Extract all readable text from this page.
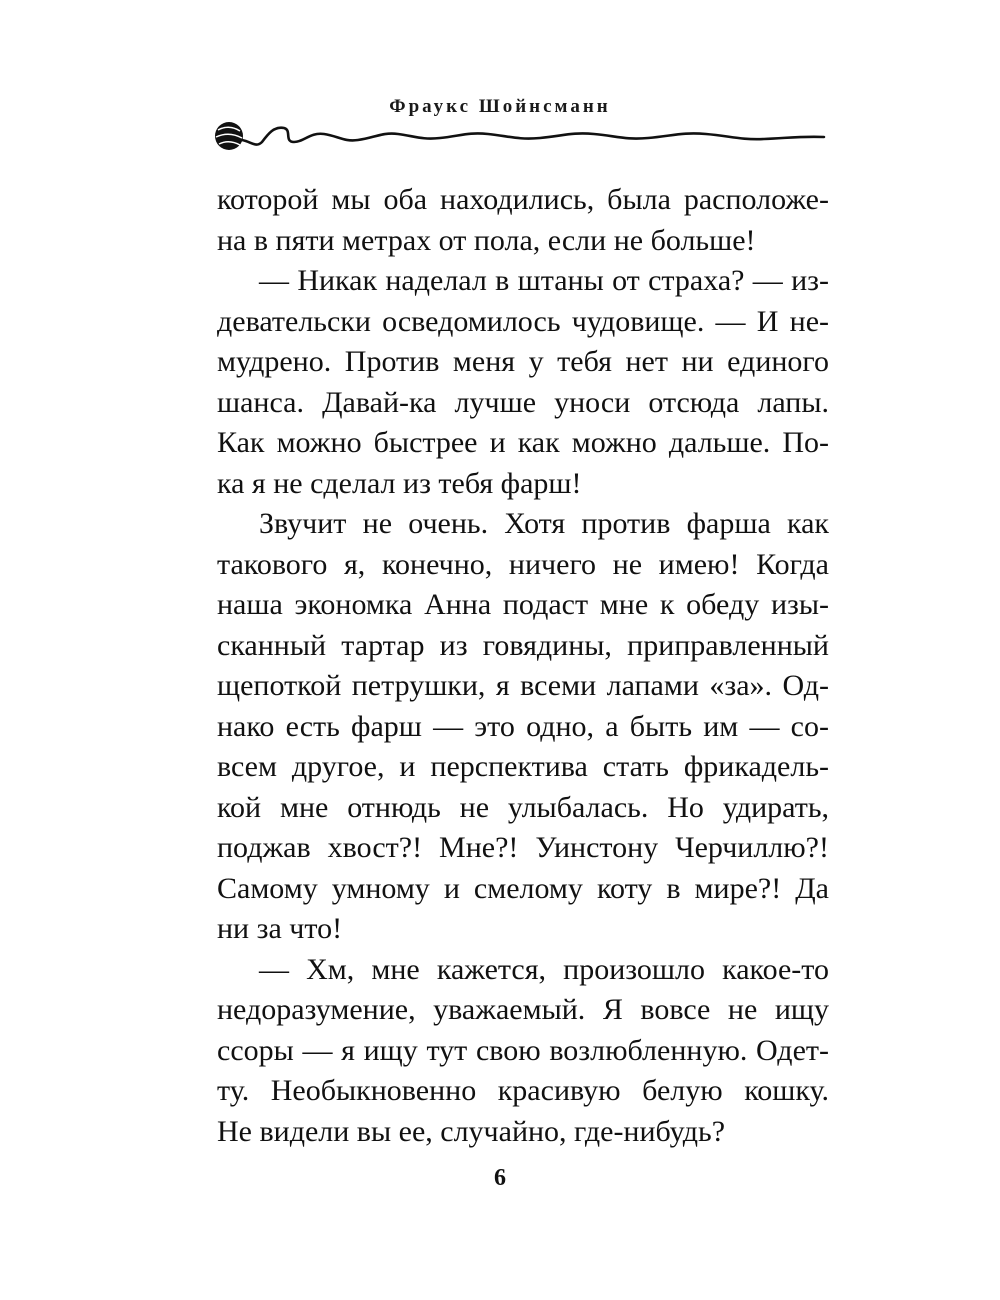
Фраукс Шойнсманн
которой мы оба находились, была расположе-
на в пяти метрах от пола, если не больше!
— Никак наделал в штаны от страха? — из-
девательски осведомилось чудовище. — И не-
мудрено. Против меня у тебя нет ни единого
шанса. Давай-ка лучше уноси отсюда лапы.
Как можно быстрее и как можно дальше. По-
ка я не сделал из тебя фарш!
Звучит не очень. Хотя против фарша как
такового я, конечно, ничего не имею! Когда
наша экономка Анна подаст мне к обеду изы-
сканный тартар из говядины, приправленный
щепоткой петрушки, я всеми лапами «за». Од-
нако есть фарш — это одно, а быть им — со-
всем другое, и перспектива стать фрикадель-
кой мне отнюдь не улыбалась. Но удирать,
поджав хвост?! Мне?! Уинстону Черчиллю?!
Самому умному и смелому коту в мире?! Да
ни за что!
— Хм, мне кажется, произошло какое-то
недоразумение, уважаемый. Я вовсе не ищу
ссоры — я ищу тут свою возлюбленную. Одет-
ту. Необыкновенно красивую белую кошку.
Не видели вы ее, случайно, где-нибудь?
6
